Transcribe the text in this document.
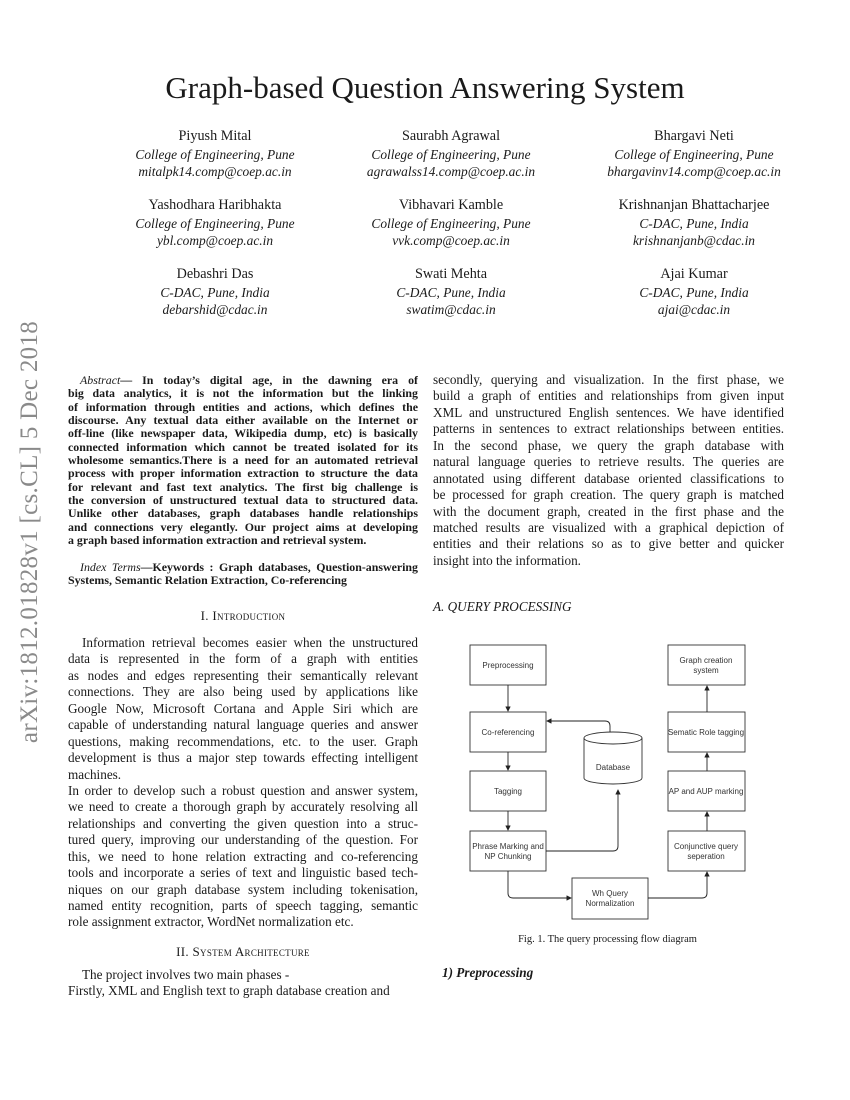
Graph-based Question Answering System
arXiv:1812.01828v1 [cs.CL] 5 Dec 2018
Piyush Mital
College of Engineering, Pune
mitalpk14.comp@coep.ac.in
Saurabh Agrawal
College of Engineering, Pune
agrawalss14.comp@coep.ac.in
Bhargavi Neti
College of Engineering, Pune
bhargavinv14.comp@coep.ac.in
Yashodhara Haribhakta
College of Engineering, Pune
ybl.comp@coep.ac.in
Vibhavari Kamble
College of Engineering, Pune
vvk.comp@coep.ac.in
Krishnanjan Bhattacharjee
C-DAC, Pune, India
krishnanjanb@cdac.in
Debashri Das
C-DAC, Pune, India
debarshid@cdac.in
Swati Mehta
C-DAC, Pune, India
swatim@cdac.in
Ajai Kumar
C-DAC, Pune, India
ajai@cdac.in
Abstract— In today’s digital age, in the dawning era of
big data analytics, it is not the information but the linking
of information through entities and actions, which defines the
discourse. Any textual data either available on the Internet or
off-line (like newspaper data, Wikipedia dump, etc) is basically
connected information which cannot be treated isolated for its
wholesome semantics.There is a need for an automated retrieval
process with proper information extraction to structure the data
for relevant and fast text analytics. The first big challenge is
the conversion of unstructured textual data to structured data.
Unlike other databases, graph databases handle relationships
and connections very elegantly. Our project aims at developing
a graph based information extraction and retrieval system.
Index Terms—Keywords : Graph databases, Question-answering
Systems, Semantic Relation Extraction, Co-referencing
I. Introduction
Information retrieval becomes easier when the unstructured
data is represented in the form of a graph with entities
as nodes and edges representing their semantically relevant
connections. They are also being used by applications like
Google Now, Microsoft Cortana and Apple Siri which are
capable of understanding natural language queries and answer
questions, making recommendations, etc. to the user. Graph
development is thus a major step towards effecting intelligent
machines.
In order to develop such a robust question and answer system,
we need to create a thorough graph by accurately resolving all
relationships and converting the given question into a struc-
tured query, improving our understanding of the question. For
this, we need to hone relation extracting and co-referencing
tools and incorporate a series of text and linguistic based tech-
niques on our graph database system including tokenisation,
named entity recognition, parts of speech tagging, semantic
role assignment extractor, WordNet normalization etc.
II. System Architecture
The project involves two main phases -
Firstly, XML and English text to graph database creation and
secondly, querying and visualization. In the first phase, we
build a graph of entities and relationships from given input
XML and unstructured English sentences. We have identified
patterns in sentences to extract relationships between entities.
In the second phase, we query the graph database with
natural language queries to retrieve results. The queries are
annotated using different database oriented classifications to
be processed for graph creation. The query graph is matched
with the document graph, created in the first phase and the
matched results are visualized with a graphical depiction of
entities and their relations so as to give better and quicker
insight into the information.
A. QUERY PROCESSING
Preprocessing
Co-referencing
Tagging
Phrase Marking and
NP Chunking
Database
Wh Query
Normalization
Conjunctive query
seperation
AP and AUP marking
Sematic Role tagging
Graph creation
system
Fig. 1. The query processing flow diagram
1) Preprocessing
